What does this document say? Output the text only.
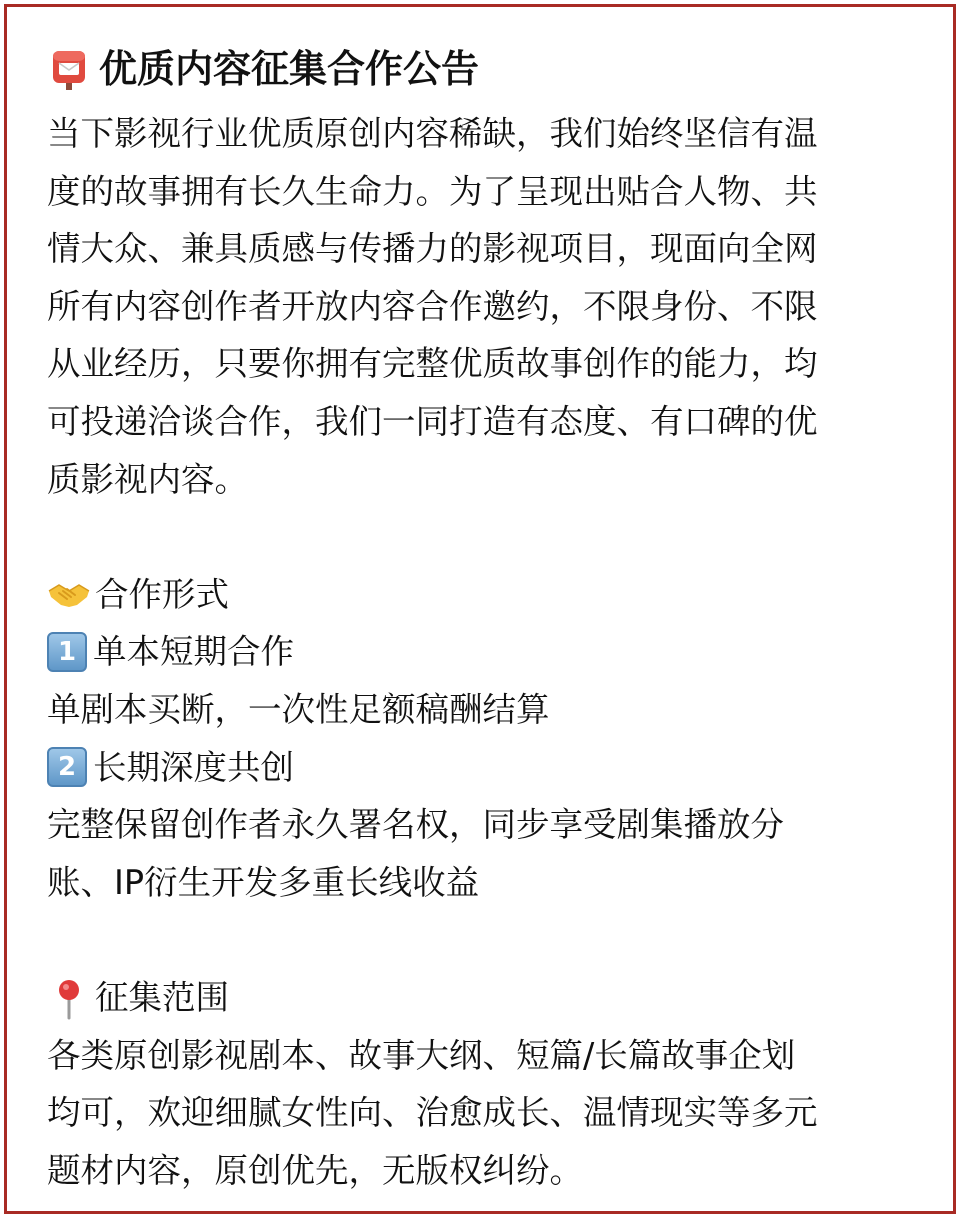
优质内容征集合作公告
当下影视行业优质原创内容稀缺，我们始终坚信有温
度的故事拥有长久生命力。为了呈现出贴合人物、共
情大众、兼具质感与传播力的影视项目，现面向全网
所有内容创作者开放内容合作邀约，不限身份、不限
从业经历，只要你拥有完整优质故事创作的能力，均
可投递洽谈合作，我们一同打造有态度、有口碑的优
质影视内容。
合作形式
1 单本短期合作
单剧本买断，一次性足额稿酬结算
2 长期深度共创
完整保留创作者永久署名权，同步享受剧集播放分
账、IP衍生开发多重长线收益
征集范围
各类原创影视剧本、故事大纲、短篇/长篇故事企划
均可，欢迎细腻女性向、治愈成长、温情现实等多元
题材内容，原创优先，无版权纠纷。
